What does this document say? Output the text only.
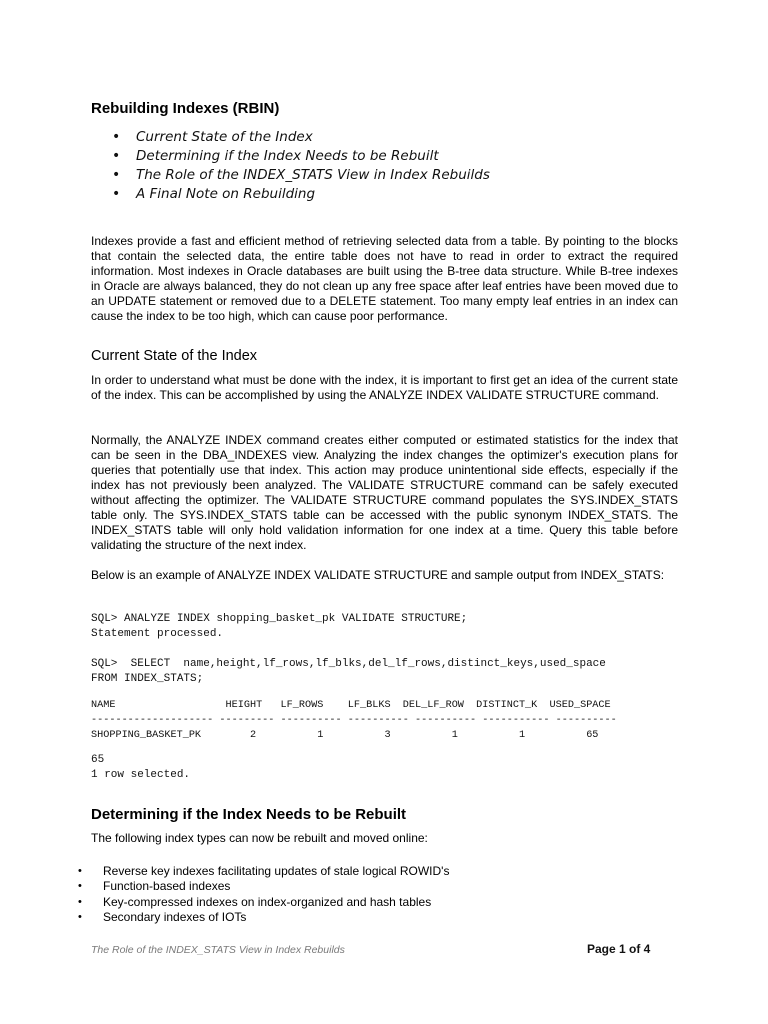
Rebuilding Indexes (RBIN)
• Current State of the Index
• Determining if the Index Needs to be Rebuilt
• The Role of the INDEX_STATS View in Index Rebuilds
• A Final Note on Rebuilding

Indexes provide a fast and efficient method of retrieving selected data from a table. By pointing to the blocks that contain the selected data, the entire table does not have to read in order to extract the required information. Most indexes in Oracle databases are built using the B-tree data structure. While B-tree indexes in Oracle are always balanced, they do not clean up any free space after leaf entries have been moved due to an UPDATE statement or removed due to a DELETE statement. Too many empty leaf entries in an index can cause the index to be too high, which can cause poor performance.

Current State of the Index

In order to understand what must be done with the index, it is important to first get an idea of the current state of the index. This can be accomplished by using the ANALYZE INDEX VALIDATE STRUCTURE command.

Normally, the ANALYZE INDEX command creates either computed or estimated statistics for the index that can be seen in the DBA_INDEXES view. Analyzing the index changes the optimizer's execution plans for queries that potentially use that index. This action may produce unintentional side effects, especially if the index has not previously been analyzed. The VALIDATE STRUCTURE command can be safely executed without affecting the optimizer. The VALIDATE STRUCTURE command populates the SYS.INDEX_STATS table only. The SYS.INDEX_STATS table can be accessed with the public synonym INDEX_STATS. The INDEX_STATS table will only hold validation information for one index at a time. Query this table before validating the structure of the next index.

Below is an example of ANALYZE INDEX VALIDATE STRUCTURE and sample output from INDEX_STATS:

SQL> ANALYZE INDEX shopping_basket_pk VALIDATE STRUCTURE;
Statement processed.
SQL>  SELECT  name,height,lf_rows,lf_blks,del_lf_rows,distinct_keys,used_space
FROM INDEX_STATS;
NAME                  HEIGHT   LF_ROWS    LF_BLKS  DEL_LF_ROW  DISTINCT_K  USED_SPACE
-------------------- --------- ---------- ---------- ---------- ----------- ----------
SHOPPING_BASKET_PK        2          1          3          1          1          65
65
1 row selected.
Determining if the Index Needs to be Rebuilt

The following index types can now be rebuilt and moved online:

• Reverse key indexes facilitating updates of stale logical ROWID's
• Function-based indexes
• Key-compressed indexes on index-organized and hash tables
• Secondary indexes of IOTs
The Role of the INDEX_STATS View in Index Rebuilds	Page 1 of 4
